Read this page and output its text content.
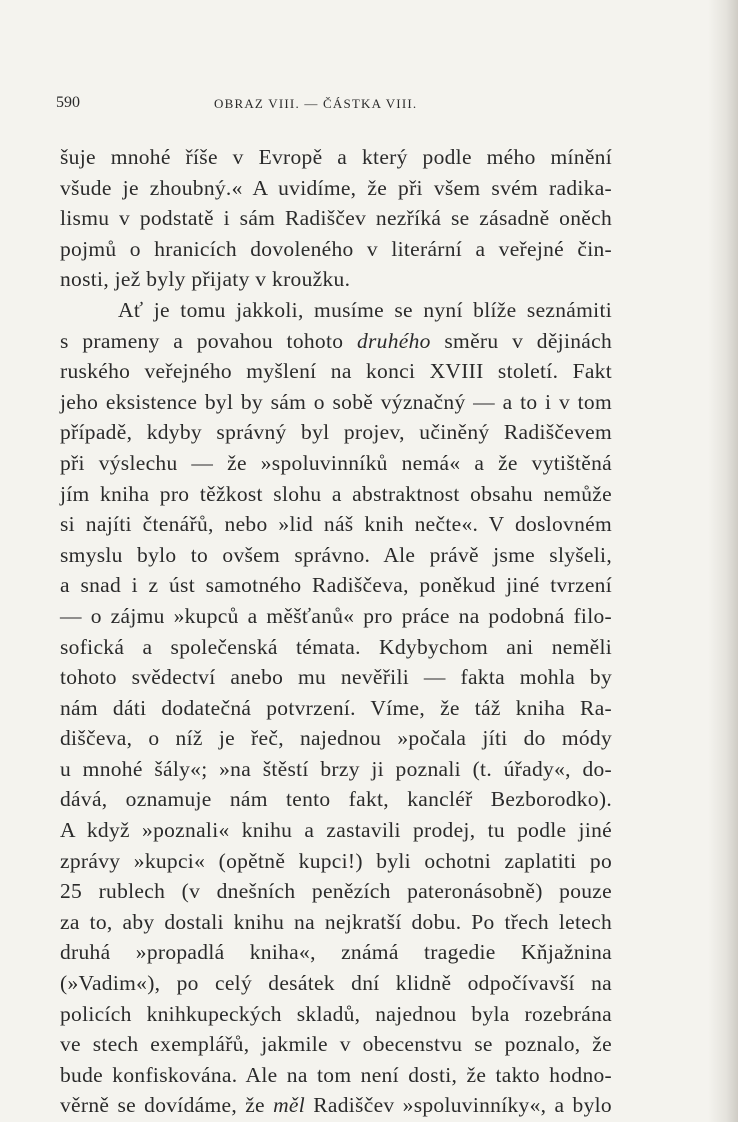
590	OBRAZ VIII. — ČÁSTKA VIII.
šuje mnohé říše v Evropě a který podle mého mínění
všude je zhoubný.« A uvidíme, že při všem svém radika-
lismu v podstatě i sám Radiščev nezříká se zásadně oněch
pojmů o hranicích dovoleného v literární a veřejné čin-
nosti, jež byly přijaty v kroužku.
Ať je tomu jakkoli, musíme se nyní blíže seznámiti
s prameny a povahou tohoto druhého směru v dějinách
ruského veřejného myšlení na konci XVIII století. Fakt
jeho eksistence byl by sám o sobě význačný — a to i v tom
případě, kdyby správný byl projev, učiněný Radiščevem
při výslechu — že »spoluvinníků nemá« a že vytištěná
jím kniha pro těžkost slohu a abstraktnost obsahu nemůže
si najíti čtenářů, nebo »lid náš knih nečte«. V doslovném
smyslu bylo to ovšem správno. Ale právě jsme slyšeli,
a snad i z úst samotného Radiščeva, poněkud jiné tvrzení
— o zájmu »kupců a měšťanů« pro práce na podobná filo-
sofická a společenská témata. Kdybychom ani neměli
tohoto svědectví anebo mu nevěřili — fakta mohla by
nám dáti dodatečná potvrzení. Víme, že táž kniha Ra-
diščeva, o níž je řeč, najednou »počala jíti do módy
u mnohé šály«; »na štěstí brzy ji poznali (t. úřady«, do-
dává, oznamuje nám tento fakt, kancléř Bezborodko).
A když »poznali« knihu a zastavili prodej, tu podle jiné
zprávy »kupci« (opětně kupci!) byli ochotni zaplatiti po
25 rublech (v dnešních penězích pateronásobně) pouze
za to, aby dostali knihu na nejkratší dobu. Po třech letech
druhá »propadlá kniha«, známá tragedie Kňjažnina
(»Vadim«), po celý desátek dní klidně odpočívavší na
policích knihkupeckých skladů, najednou byla rozebrána
ve stech exemplářů, jakmile v obecenstvu se poznalo, že
bude konfiskována. Ale na tom není dosti, že takto hodno-
věrně se dovídáme, že měl Radiščev »spoluvinníky«, a bylo
